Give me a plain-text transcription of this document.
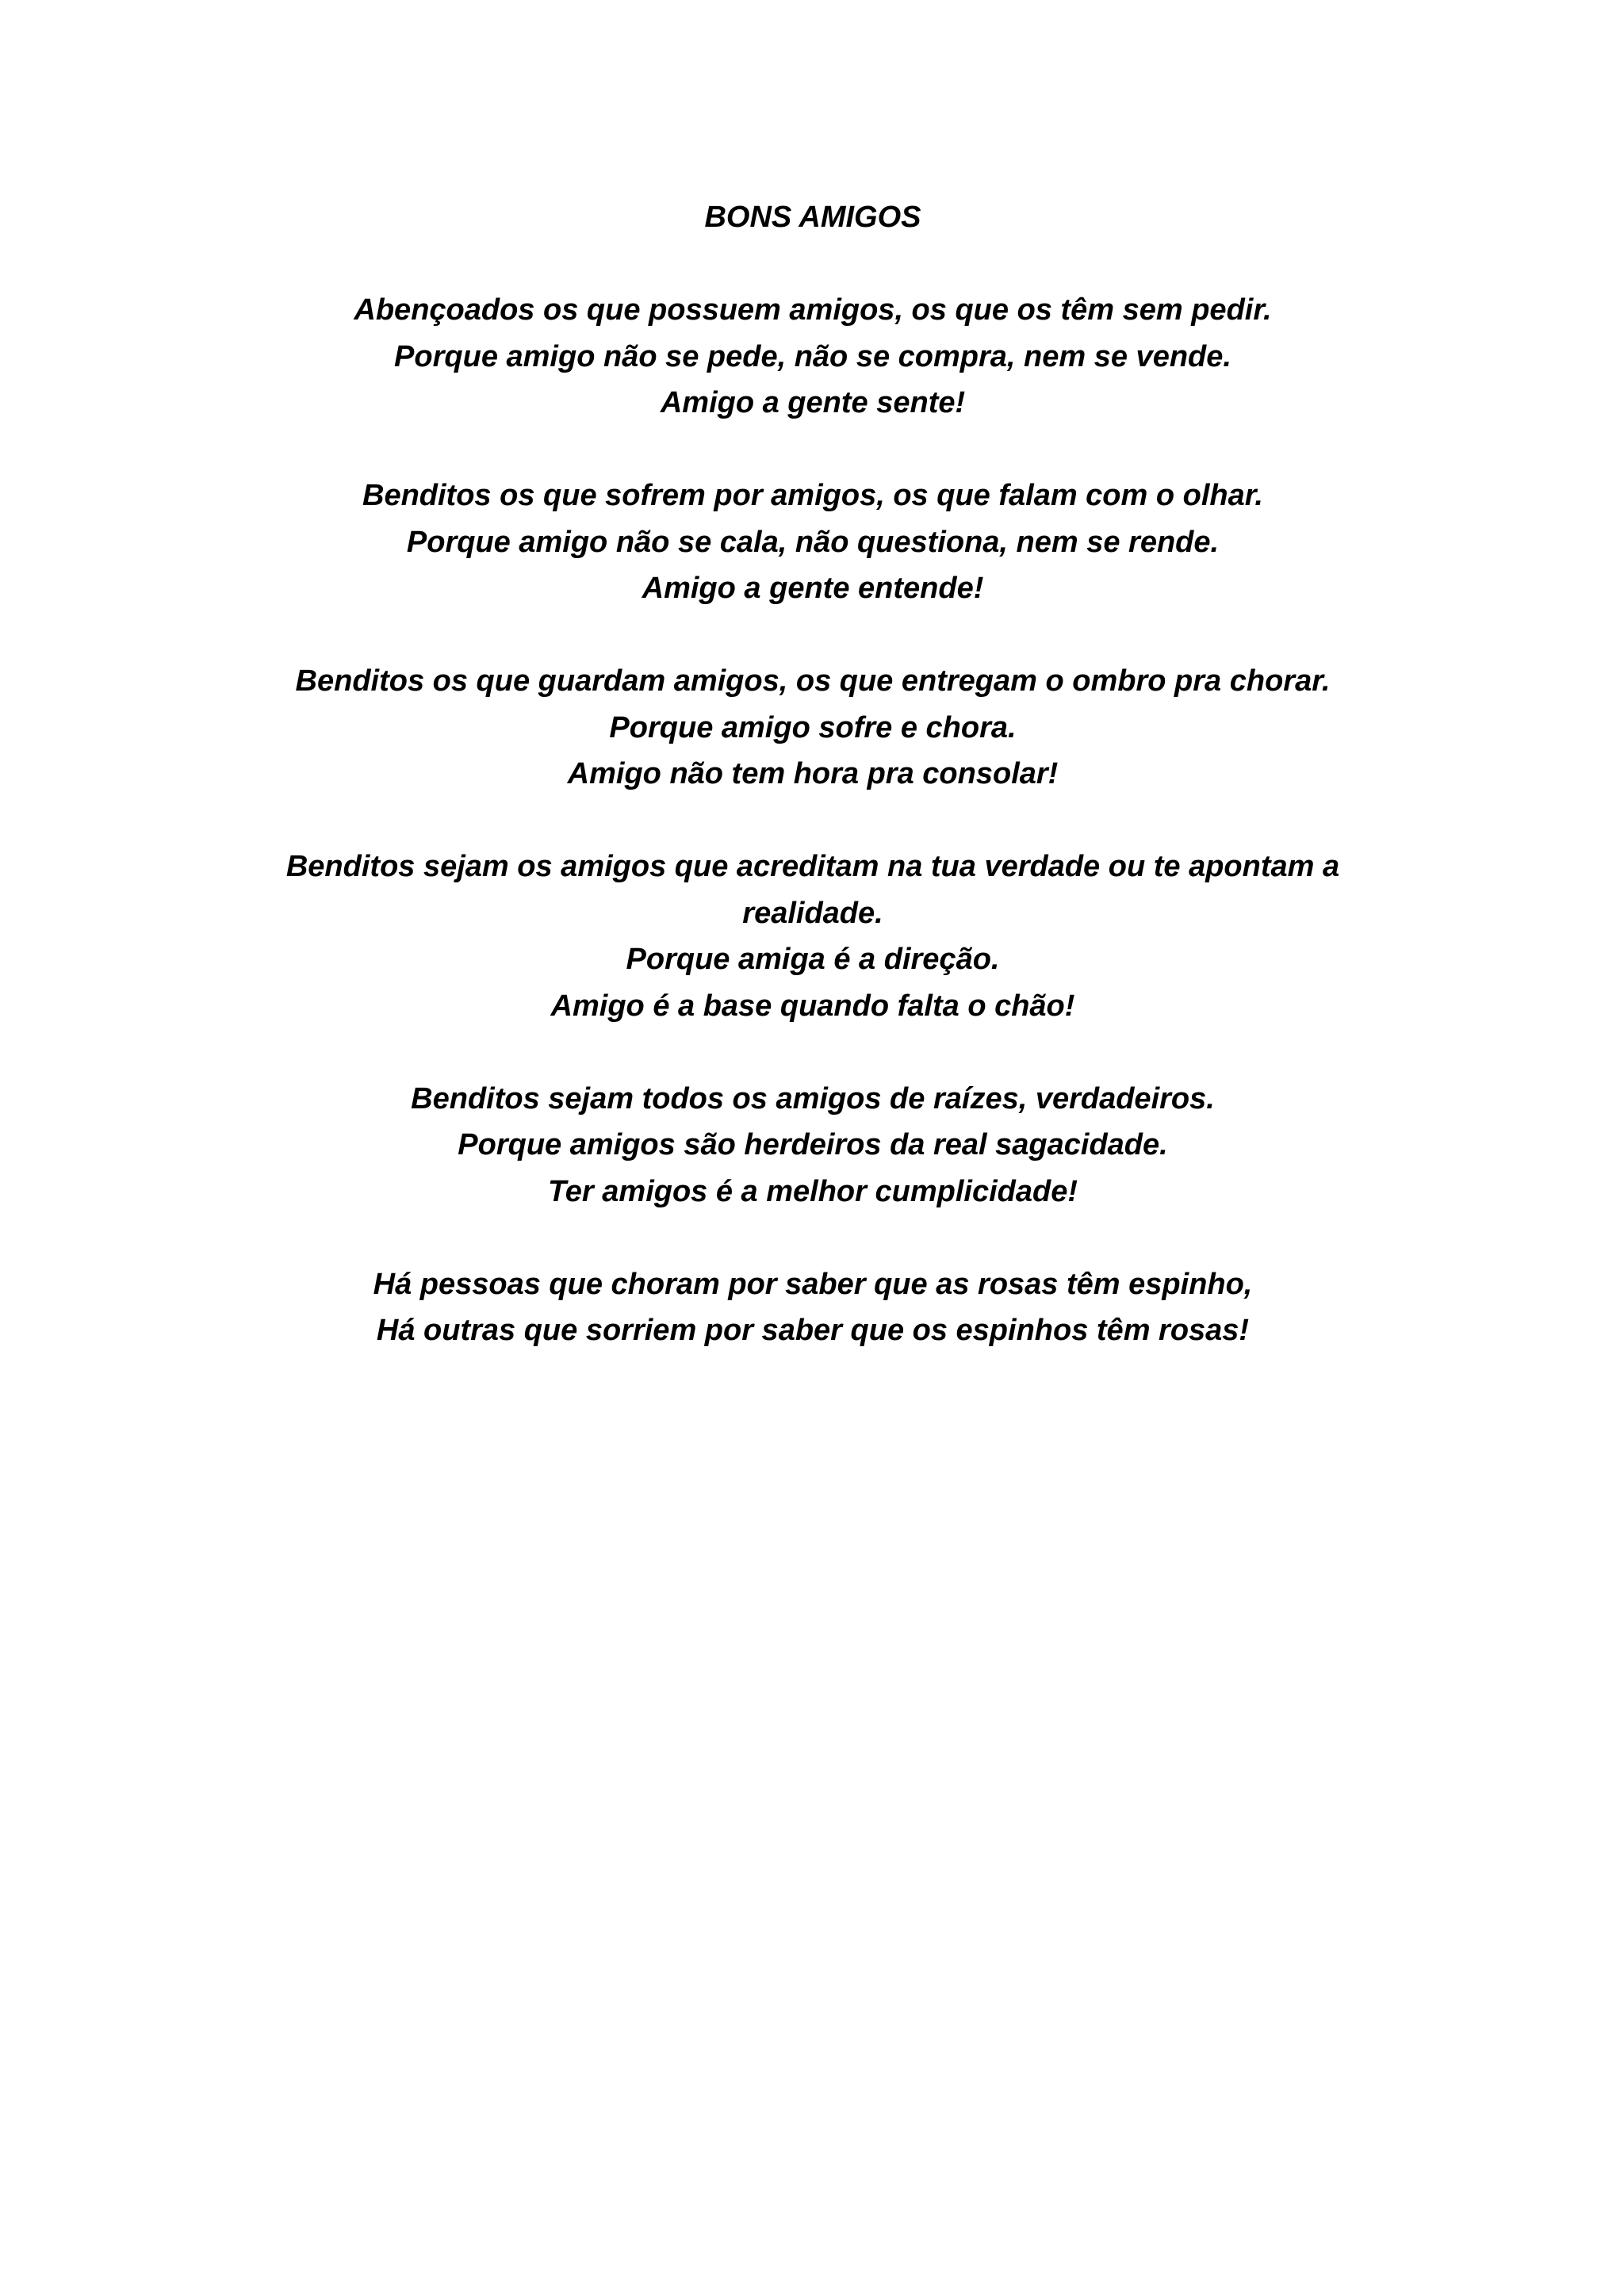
BONS AMIGOS
Abençoados os que possuem amigos, os que os têm sem pedir.
Porque amigo não se pede, não se compra, nem se vende.
Amigo a gente sente!
Benditos os que sofrem por amigos, os que falam com o olhar.
Porque amigo não se cala, não questiona, nem se rende.
Amigo a gente entende!
Benditos os que guardam amigos, os que entregam o ombro pra chorar.
Porque amigo sofre e chora.
Amigo não tem hora pra consolar!
Benditos sejam os amigos que acreditam na tua verdade ou te apontam a realidade.
Porque amiga é a direção.
Amigo é a base quando falta o chão!
Benditos sejam todos os amigos de raízes, verdadeiros.
Porque amigos são herdeiros da real sagacidade.
Ter amigos é a melhor cumplicidade!
Há pessoas que choram por saber que as rosas têm espinho,
Há outras que sorriem por saber que os espinhos têm rosas!
